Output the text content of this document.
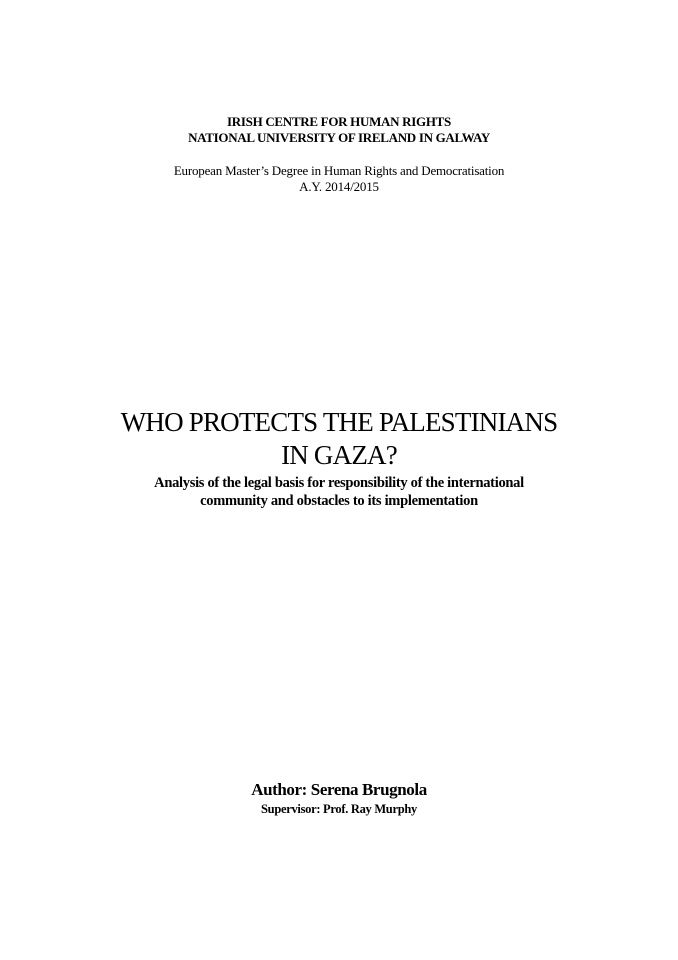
IRISH CENTRE FOR HUMAN RIGHTS
NATIONAL UNIVERSITY OF IRELAND IN GALWAY
European Master’s Degree in Human Rights and Democratisation
A.Y. 2014/2015
WHO PROTECTS THE PALESTINIANS
IN GAZA?
Analysis of the legal basis for responsibility of the international
community and obstacles to its implementation
Author: Serena Brugnola
Supervisor: Prof. Ray Murphy
